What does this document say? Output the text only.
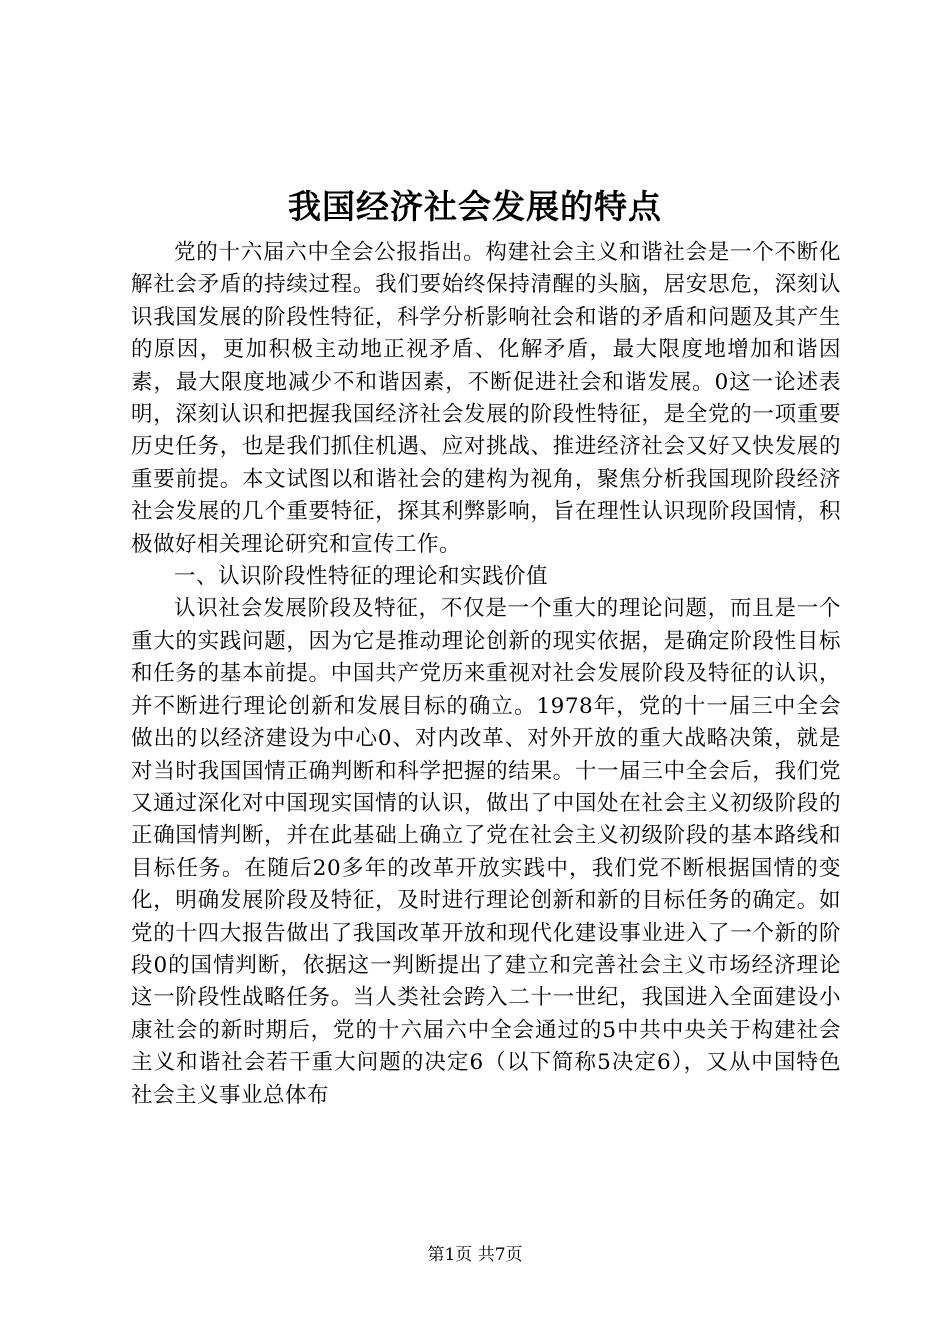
我国经济社会发展的特点

党的十六届六中全会公报指出。构建社会主义和谐社会是一个不断化解社会矛盾的持续过程。我们要始终保持清醒的头脑，居安思危，深刻认识我国发展的阶段性特征，科学分析影响社会和谐的矛盾和问题及其产生的原因，更加积极主动地正视矛盾、化解矛盾，最大限度地增加和谐因素，最大限度地减少不和谐因素，不断促进社会和谐发展。0这一论述表明，深刻认识和把握我国经济社会发展的阶段性特征，是全党的一项重要历史任务，也是我们抓住机遇、应对挑战、推进经济社会又好又快发展的重要前提。本文试图以和谐社会的建构为视角，聚焦分析我国现阶段经济社会发展的几个重要特征，探其利弊影响，旨在理性认识现阶段国情，积极做好相关理论研究和宣传工作。

一、认识阶段性特征的理论和实践价值

认识社会发展阶段及特征，不仅是一个重大的理论问题，而且是一个重大的实践问题，因为它是推动理论创新的现实依据，是确定阶段性目标和任务的基本前提。中国共产党历来重视对社会发展阶段及特征的认识，并不断进行理论创新和发展目标的确立。1978年，党的十一届三中全会做出的以经济建设为中心0、对内改革、对外开放的重大战略决策，就是对当时我国国情正确判断和科学把握的结果。十一届三中全会后，我们党又通过深化对中国现实国情的认识，做出了中国处在社会主义初级阶段的正确国情判断，并在此基础上确立了党在社会主义初级阶段的基本路线和目标任务。在随后20多年的改革开放实践中，我们党不断根据国情的变化，明确发展阶段及特征，及时进行理论创新和新的目标任务的确定。如党的十四大报告做出了我国改革开放和现代化建设事业进入了一个新的阶段0的国情判断，依据这一判断提出了建立和完善社会主义市场经济理论这一阶段性战略任务。当人类社会跨入二十一世纪，我国进入全面建设小康社会的新时期后，党的十六届六中全会通过的5中共中央关于构建社会主义和谐社会若干重大问题的决定6（以下简称5决定6），又从中国特色社会主义事业总体布

第1页 共7页
